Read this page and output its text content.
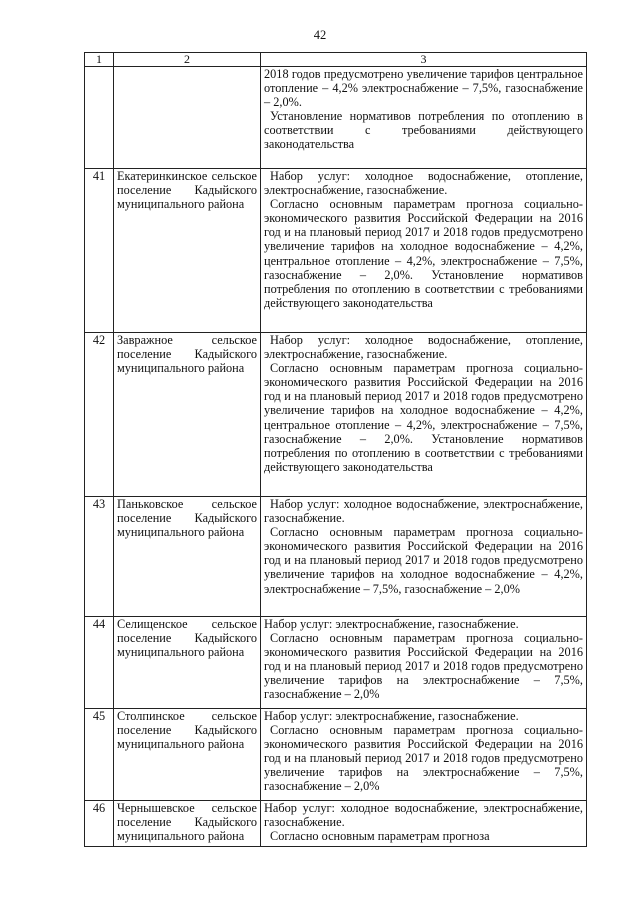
42
1	2	3

		2018 годов предусмотрено увеличение тарифов центральное отопление – 4,2% электроснабжение – 7,5%, газоснабжение – 2,0%.
Установление нормативов потребления по отоплению в соответствии с требованиями действующего законодательства

41	Екатеринкинское сельское поселение Кадыйского муниципального района	Набор услуг: холодное водоснабжение, отопление, электроснабжение, газоснабжение.
Согласно основным параметрам прогноза социально-экономического развития Российской Федерации на 2016 год и на плановый период 2017 и 2018 годов предусмотрено увеличение тарифов на холодное водоснабжение – 4,2%, центральное отопление – 4,2%, электроснабжение – 7,5%, газоснабжение – 2,0%. Установление нормативов потребления по отоплению в соответствии с требованиями действующего законодательства

42	Завражное сельское поселение Кадыйского муниципального района	Набор услуг: холодное водоснабжение, отопление, электроснабжение, газоснабжение.
Согласно основным параметрам прогноза социально-экономического развития Российской Федерации на 2016 год и на плановый период 2017 и 2018 годов предусмотрено увеличение тарифов на холодное водоснабжение – 4,2%, центральное отопление – 4,2%, электроснабжение – 7,5%, газоснабжение – 2,0%. Установление нормативов потребления по отоплению в соответствии с требованиями действующего законодательства

43	Паньковское сельское поселение Кадыйского муниципального района	Набор услуг: холодное водоснабжение, электроснабжение, газоснабжение.
Согласно основным параметрам прогноза социально-экономического развития Российской Федерации на 2016 год и на плановый период 2017 и 2018 годов предусмотрено увеличение тарифов на холодное водоснабжение – 4,2%, электроснабжение – 7,5%, газоснабжение – 2,0%

44	Селищенское сельское поселение Кадыйского муниципального района	Набор услуг: электроснабжение, газоснабжение.
Согласно основным параметрам прогноза социально-экономического развития Российской Федерации на 2016 год и на плановый период 2017 и 2018 годов предусмотрено увеличение тарифов на электроснабжение – 7,5%, газоснабжение – 2,0%

45	Столпинское сельское поселение Кадыйского муниципального района	Набор услуг: электроснабжение, газоснабжение.
Согласно основным параметрам прогноза социально-экономического развития Российской Федерации на 2016 год и на плановый период 2017 и 2018 годов предусмотрено увеличение тарифов на электроснабжение – 7,5%, газоснабжение – 2,0%

46	Чернышевское сельское поселение Кадыйского муниципального района	Набор услуг: холодное водоснабжение, электроснабжение, газоснабжение.
Согласно основным параметрам прогноза
